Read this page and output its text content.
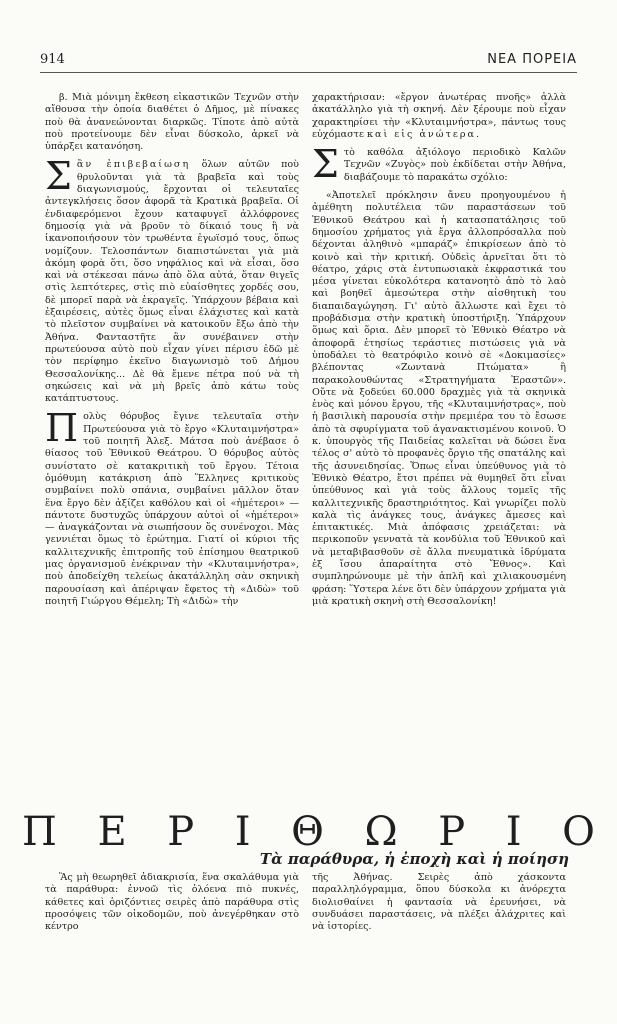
914	ΝΕΑ ΠΟΡΕΙΑ

β. Μιὰ μόνιμη ἔκθεση εἰκαστικῶν Τεχνῶν στὴν αἴθουσα τὴν ὁποία διαθέτει ὁ Δῆμος, μὲ πίνακες ποὺ θὰ ἀνανεώνονται διαρκῶς. Τίποτε ἀπὸ αὐτὰ ποὺ προτείνουμε δὲν εἶναι δύσκολο, ἀρκεῖ νὰ ὑπάρξει κατανόηση.

Σ ἂν ἐπιβεβαίωση ὅλων αὐτῶν ποὺ θρυλοῦνται γιὰ τὰ βραβεῖα καὶ τοὺς διαγωνισμούς, ἔρχονται οἱ τελευταῖες ἀντεγκλήσεις ὅσον ἀφορᾶ τὰ Κρατικὰ βραβεῖα. Οἱ ἐνδιαφερόμενοι ἔχουν καταφυγεῖ ἀλλόφρονες δημοσίᾳ γιὰ νὰ βροῦν τὸ δίκαιό τους ἢ νὰ ἱκανοποιήσουν τὸν τρωθέντα ἐγωϊσμό τους, ὅπως νομίζουν. Τελοσπάντων διαπιστώνεται γιὰ μιὰ ἀκόμη φορὰ ὅτι, ὅσο νηφάλιος καὶ νὰ εἶσαι, ὅσο καὶ νὰ στέκεσαι πάνω ἀπὸ ὅλα αὐτά, ὅταν θιγεῖς στὶς λεπτότερες, στὶς πιὸ εὐαίσθητες χορδές σου, δὲ μπορεῖ παρὰ νὰ ἐκραγεῖς. Ὑπάρχουν βέβαια καὶ ἐξαιρέσεις, αὐτὲς ὅμως εἶναι ἐλάχιστες καὶ κατὰ τὸ πλεῖστον συμβαίνει νὰ κατοικοῦν ἔξω ἀπὸ τὴν Ἀθήνα. Φανταστῆτε ἂν συνέβαινεν στὴν πρωτεύουσα αὐτὸ ποὺ εἶχαν γίνει πέρισυ ἐδῶ μὲ τὸν περίφημο ἐκεῖνο διαγωνισμὸ τοῦ Δήμου Θεσσαλονίκης... Δὲ θὰ ἔμενε πέτρα πού νὰ τὴ σηκώσεις καὶ νὰ μὴ βρεῖς ἀπὸ κάτω τοὺς κατάπτυστους.
Π ολὺς θόρυβος ἔγινε τελευταῖα στὴν Πρωτεύουσα γιὰ τὸ ἔργο «Κλυταιμνήστρα» τοῦ ποιητῆ Ἀλεξ. Μάτσα ποὺ ἀνέβασε ὁ θίασος τοῦ Ἐθνικοῦ Θεάτρου. Ὁ θόρυβος αὐτὸς συνίστατο σὲ κατακριτικὴ τοῦ ἔργου. Τέτοια ὁμόθυμη κατάκριση ἀπὸ Ἕλληνες κριτικοὺς συμβαίνει πολὺ σπάνια, συμβαίνει μᾶλλον ὅταν ἕνα ἔργο δὲν ἀξίζει καθόλου καὶ οἱ «ἡμέτεροι» — πάντοτε δυστυχῶς ὑπάρχουν αὐτοὶ οἱ «ἡμέτεροι» — ἀναγκάζονται νὰ σιωπήσουν ὅς συνένοχοι. Μὰς γεννιέται ὅμως τὸ ἐρώτημα. Γιατί οἱ κύριοι τῆς καλλιτεχνικῆς ἐπιτροπῆς τοῦ ἐπίσημου θεατρικοῦ μας ὀργανισμοῦ ἐνέκριναν τὴν «Κλυταιμνήστρα», ποὺ ἀποδείχθη τελείως ἀκατάλληλη σὰν σκηνικὴ παρουσίαση καὶ ἀπέριψαν ἔφετος τὴ «Διδὼ» τοῦ ποιητῆ Γιώργου Θέμελη; Τὴ «Διδὼ» τὴν

χαρακτήρισαν: «ἔργον ἀνωτέρας πνοῆς» ἀλλὰ ἀκατάλληλο γιὰ τὴ σκηνή. Δὲν ξέρουμε ποὺ εἶχαν χαρακτηρίσει τὴν «Κλυταιμνήστρα», πάντως τους εὐχόμαστε καὶ εἰς ἀνώτερα.

Σ τὸ καθόλα ἀξιόλογο περιοδικὸ Καλῶν Τεχνῶν «Ζυγὸς» ποὺ ἐκδίδεται στὴν Ἀθήνα, διαβάζουμε τὸ παρακάτω σχόλιο:

«Ἀποτελεῖ πρόκλησιν ἄνευ προηγουμένου ἡ ἀμέθητη πολυτέλεια τῶν παραστάσεων τοῦ Ἐθνικοῦ Θεάτρου καὶ ἡ κατασπατάλησις τοῦ δημοσίου χρήματος γιὰ ἔργα ἀλλοπρόσαλλα ποὺ δέχονται ἀληθινὸ «μπαράζ» ἐπικρίσεων ἀπὸ τὸ κοινὸ καὶ τὴν κριτική. Οὐδεὶς ἀρνεῖται ὅτι τὸ θέατρο, χάρις στὰ ἐντυπωσιακὰ ἐκφραστικά του μέσα γίνεται εὐκολότερα κατανοητὸ ἀπὸ τὸ λαὸ καὶ βοηθεῖ ἀμεσώτερα στὴν αἰσθητικὴ του διαπαιδαγώγηση. Γι' αὐτὸ ἄλλωστε καὶ ἔχει τὸ προβάδισμα στὴν κρατικὴ ὑποστήριξη. Ὑπάρχουν ὅμως καὶ ὅρια. Δὲν μπορεῖ τὸ Ἐθνικὸ Θέατρο νὰ ἀποφορᾶ ἐτησίως τεράστιες πιστώσεις γιὰ νὰ ὑποδάλει τὸ θεατρόφιλο κοινὸ σὲ «Δοκιμασίες» βλέποντας «Ζωντανὰ Πτώματα» ἢ παρακολουθώντας «Στρατηγήματα Ἐραστῶν». Οὔτε νὰ ξοδεύει 60.000 δραχμὲς γιὰ τὰ σκηνικὰ ἑνὸς καὶ μόνου ἔργου, τῆς «Κλυταιμνήστρας», ποὺ ἡ βασιλικὴ παρουσία στὴν πρεμιέρα του τὸ ἔσωσε ἀπὸ τὰ σφυρίγματα τοῦ ἀγανακτισμένου κοινοῦ. Ὁ κ. ὑπουργὸς τῆς Παιδείας καλεῖται νὰ δώσει ἕνα τέλος σ' αὐτὸ τὸ προφανὲς ὄργιο τῆς σπατάλης καὶ τῆς ἀσυνειδησίας. Ὅπως εἶναι ὑπεύθυνος γιὰ τὸ Ἐθνικὸ Θέατρο, ἔτσι πρέπει νὰ θυμηθεῖ ὅτι εἶναι ὑπεύθυνος καὶ γιὰ τοὺς ἄλλους τομεῖς τῆς καλλιτεχνικῆς δραστηριότητος. Καὶ γνωρίζει πολὺ καλὰ τὶς ἀνάγκες τους, ἀνάγκες ἄμεσες καὶ ἐπιτακτικές. Μιὰ ἀπόφασις χρειάζεται: νὰ περικοποῦν γεννατὰ τὰ κονδύλια τοῦ Ἐθνικοῦ καὶ νὰ μεταβιβασθοῦν σὲ ἄλλα πνευματικὰ ἱδρύματα ἐξ ἴσου ἀπαραίτητα στὸ Ἔθνος». Καὶ συμπληρώνουμε μὲ τὴν ἁπλῆ καὶ χιλιακουσμένη φράση: Ὕστερα λένε ὅτι δὲν ὑπάρχουν χρήματα γιὰ μιὰ κρατικὴ σκηνὴ στὴ Θεσσαλονίκη!

Π Ε Ρ Ι Θ Ω Ρ Ι Ο
Τὰ παράθυρα, ἡ ἐποχὴ καὶ ἡ ποίηση

Ἂς μὴ θεωρηθεῖ ἀδιακρισία, ἕνα σκαλάθυμα γιὰ τὰ παράθυρα: ἐννοῶ τὶς ὁλόενα πιὸ πυκνές, κάθετες καὶ ὁριζόντιες σειρὲς ἀπὸ παράθυρα στὶς προσόψεις τῶν οἰκοδομῶν, ποὺ ἀνεγέρθηκαν στὸ κέντρο

τῆς Ἀθήνας. Σειρὲς ἀπὸ χάσκοντα παραλληλόγραμμα, ὅπου δύσκολα κι ἀνόρεχτα διολισθαίνει ἡ φαντασία νὰ ἐρευνήσει, νὰ συνδυάσει παραστάσεις, νὰ πλέξει ἀλάχριτες καὶ νὰ ἱστορίες.
